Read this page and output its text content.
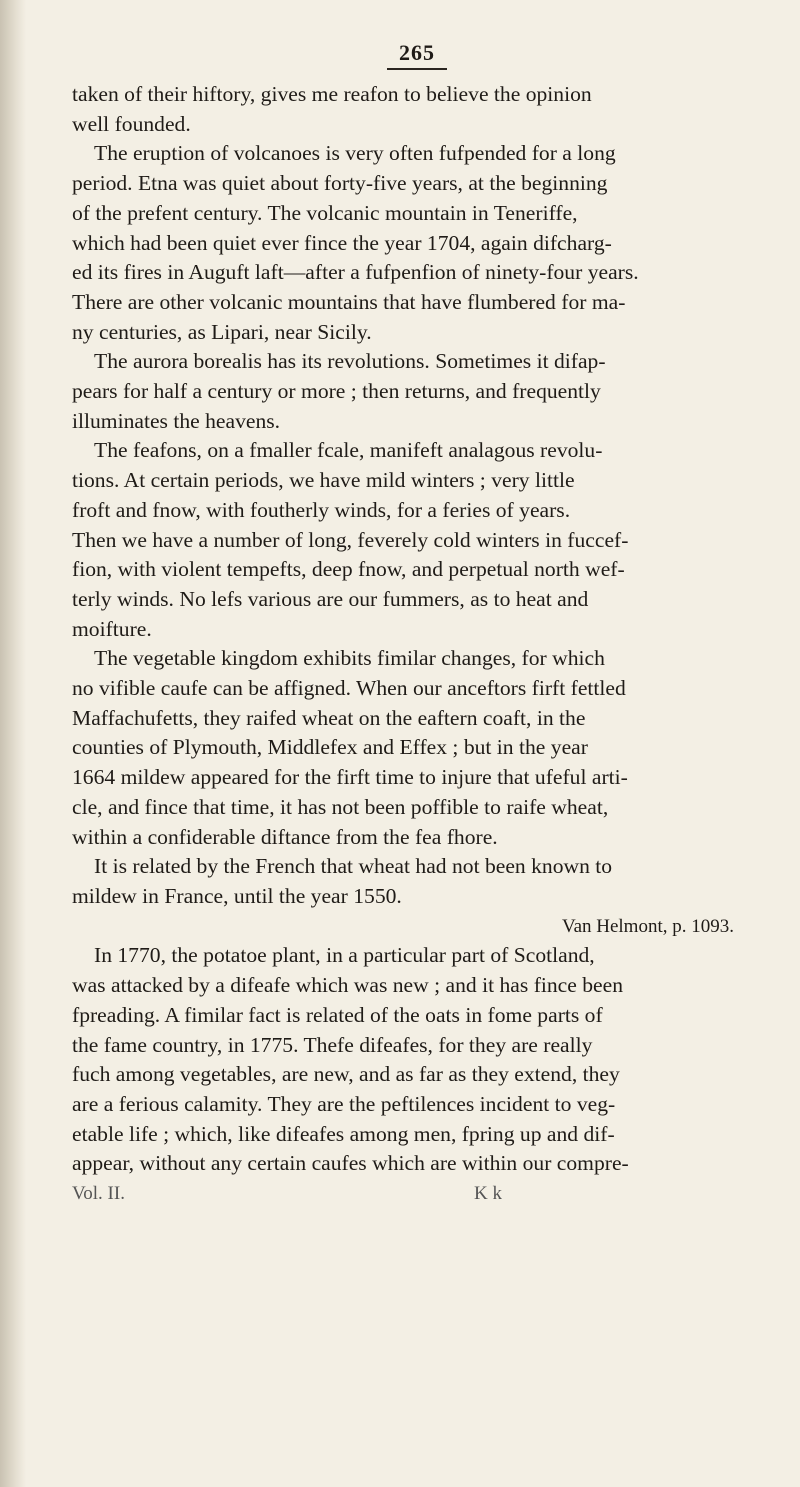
265
taken of their hiftory, gives me reafon to believe the opinion
well founded.
The eruption of volcanoes is very often fufpended for a long
period. Etna was quiet about forty-five years, at the beginning
of the prefent century. The volcanic mountain in Teneriffe,
which had been quiet ever fince the year 1704, again difcharg-
ed its fires in Auguft laft—after a fufpenfion of ninety-four years.
There are other volcanic mountains that have flumbered for ma-
ny centuries, as Lipari, near Sicily.
The aurora borealis has its revolutions. Sometimes it difap-
pears for half a century or more ; then returns, and frequently
illuminates the heavens.
The feafons, on a fmaller fcale, manifeft analagous revolu-
tions. At certain periods, we have mild winters ; very little
froft and fnow, with foutherly winds, for a feries of years.
Then we have a number of long, feverely cold winters in fuccef-
fion, with violent tempefts, deep fnow, and perpetual north wef-
terly winds. No lefs various are our fummers, as to heat and
moifture.
The vegetable kingdom exhibits fimilar changes, for which
no vifible caufe can be affigned. When our anceftors firft fettled
Maffachufetts, they raifed wheat on the eaftern coaft, in the
counties of Plymouth, Middlefex and Effex ; but in the year
1664 mildew appeared for the firft time to injure that ufeful arti-
cle, and fince that time, it has not been poffible to raife wheat,
within a confiderable diftance from the fea fhore.
It is related by the French that wheat had not been known to
mildew in France, until the year 1550.
Van Helmont, p. 1093.
In 1770, the potatoe plant, in a particular part of Scotland,
was attacked by a difeafe which was new ; and it has fince been
fpreading. A fimilar fact is related of the oats in fome parts of
the fame country, in 1775. Thefe difeafes, for they are really
fuch among vegetables, are new, and as far as they extend, they
are a ferious calamity. They are the peftilences incident to veg-
etable life ; which, like difeafes among men, fpring up and dif-
appear, without any certain caufes which are within our compre-
Vol. II.	K k
